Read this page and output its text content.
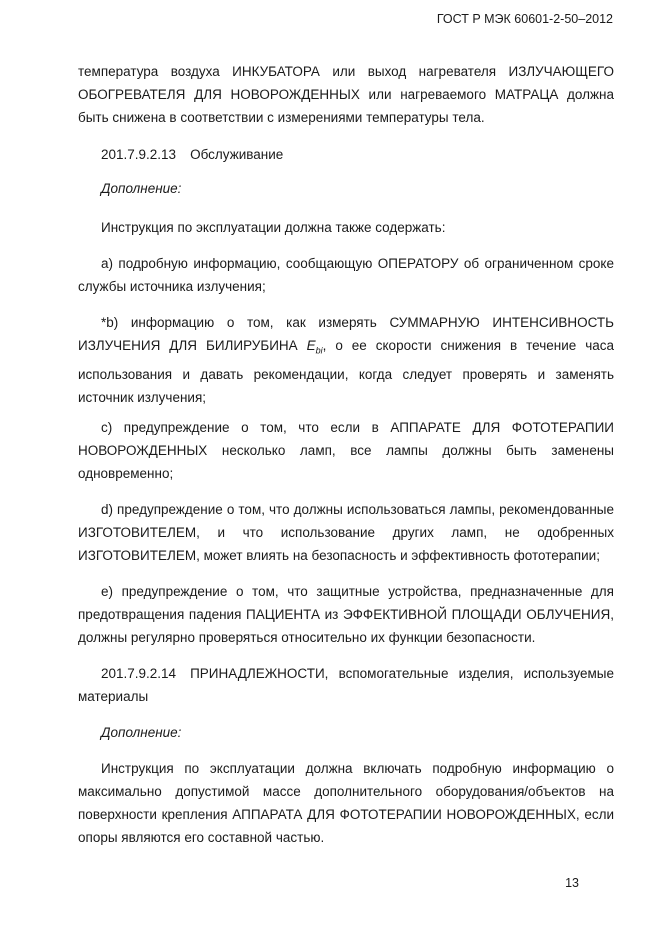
ГОСТ Р МЭК 60601-2-50–2012

температура воздуха ИНКУБАТОРА или выход нагревателя ИЗЛУЧАЮЩЕГО ОБОГРЕВАТЕЛЯ ДЛЯ НОВОРОЖДЕННЫХ или нагреваемого МАТРАЦА должна быть снижена в соответствии с измерениями температуры тела.

201.7.9.2.13 Обслуживание
Дополнение:
Инструкция по эксплуатации должна также содержать:

a) подробную информацию, сообщающую ОПЕРАТОРУ об ограниченном сроке службы источника излучения;

*b) информацию о том, как измерять СУММАРНУЮ ИНТЕНСИВНОСТЬ ИЗЛУЧЕНИЯ ДЛЯ БИЛИРУБИНА $E_{bi}$, о ее скорости снижения в течение часа использования и давать рекомендации, когда следует проверять и заменять источник излучения;

c) предупреждение о том, что если в АППАРАТЕ ДЛЯ ФОТОТЕРАПИИ НОВОРОЖДЕННЫХ несколько ламп, все лампы должны быть заменены одновременно;

d) предупреждение о том, что должны использоваться лампы, рекомендованные ИЗГОТОВИТЕЛЕМ, и что использование других ламп, не одобренных ИЗГОТОВИТЕЛЕМ, может влиять на безопасность и эффективность фототерапии;

e) предупреждение о том, что защитные устройства, предназначенные для предотвращения падения ПАЦИЕНТА из ЭФФЕКТИВНОЙ ПЛОЩАДИ ОБЛУЧЕНИЯ, должны регулярно проверяться относительно их функции безопасности.

201.7.9.2.14 ПРИНАДЛЕЖНОСТИ, вспомогательные изделия, используемые материалы

Дополнение:

Инструкция по эксплуатации должна включать подробную информацию о максимально допустимой массе дополнительного оборудования/объектов на поверхности крепления АППАРАТА ДЛЯ ФОТОТЕРАПИИ НОВОРОЖДЕННЫХ, если опоры являются его составной частью.

13
